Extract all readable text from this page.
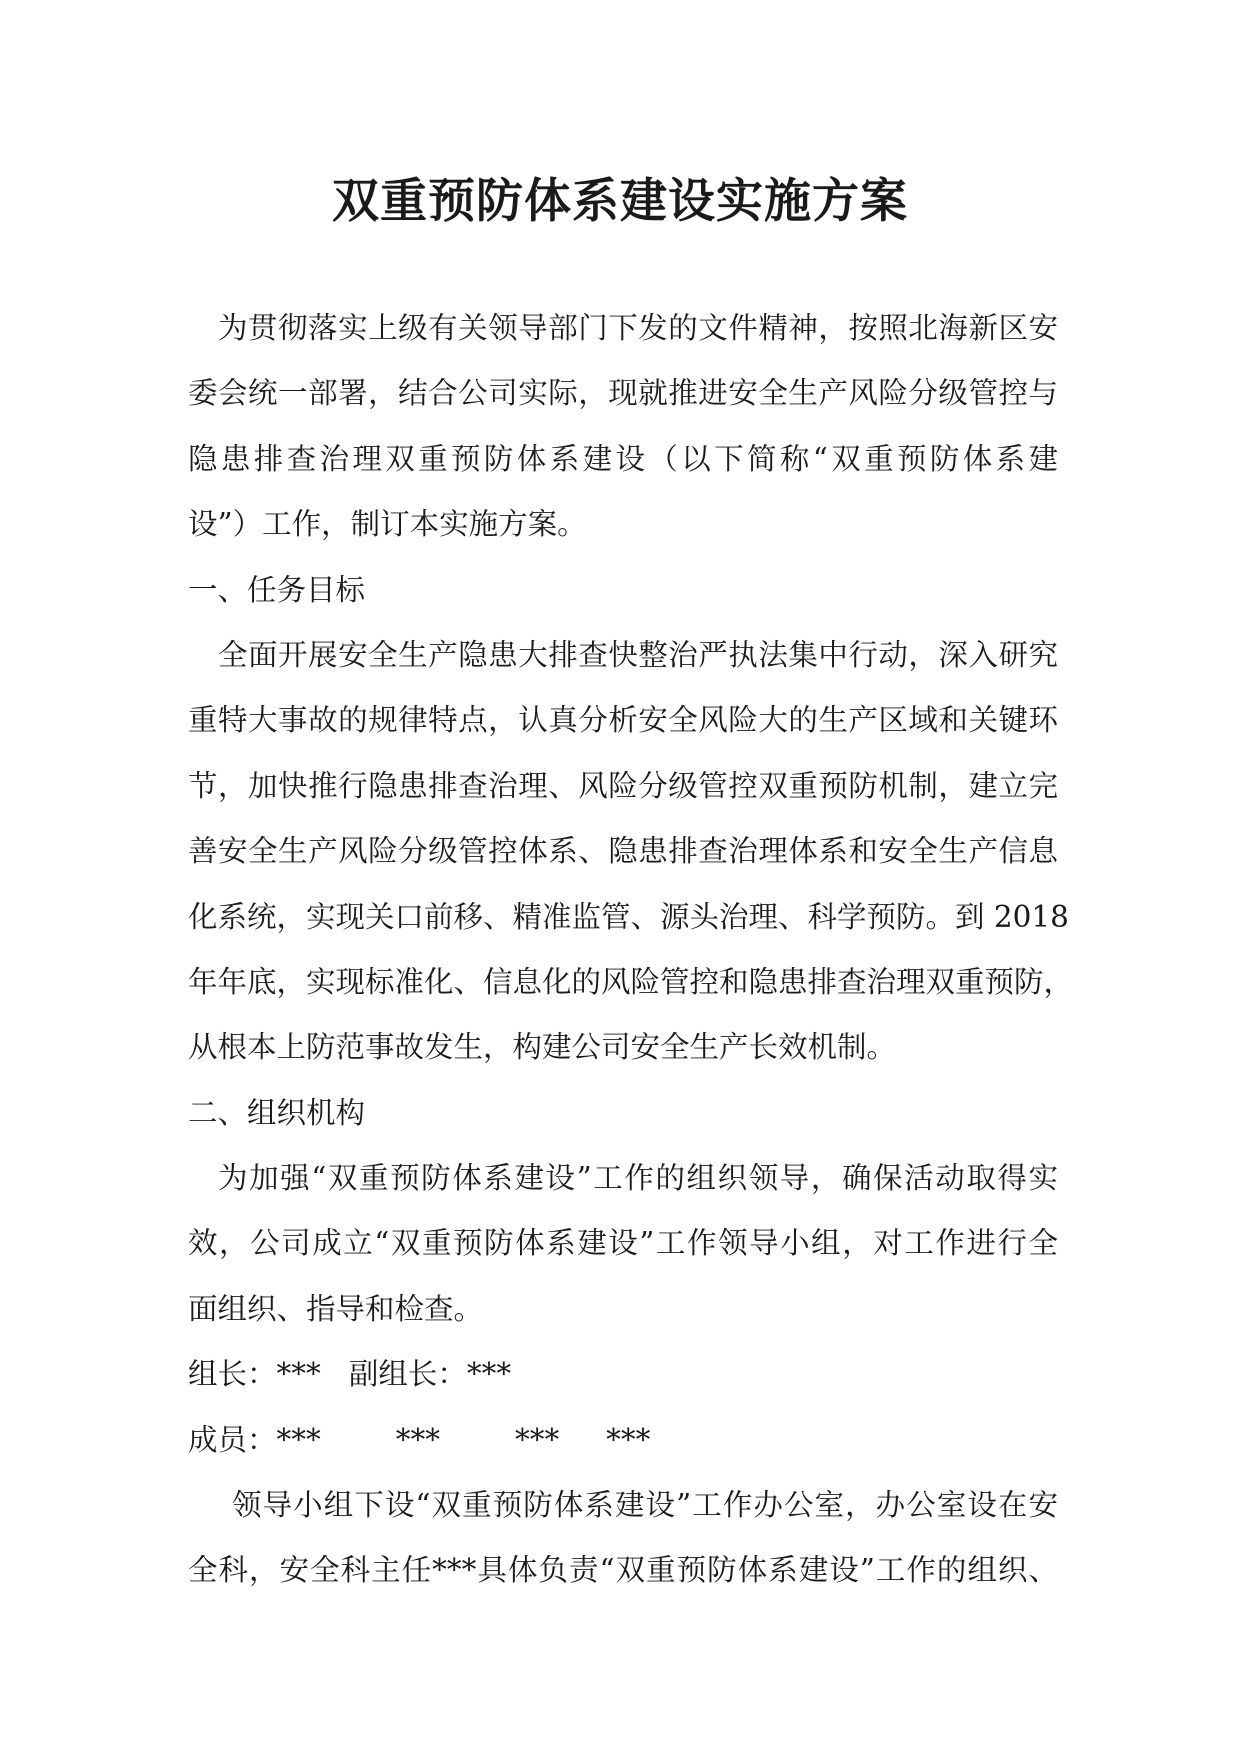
双重预防体系建设实施方案
为贯彻落实上级有关领导部门下发的文件精神，按照北海新区安
委会统一部署，结合公司实际，现就推进安全生产风险分级管控与
隐患排查治理双重预防体系建设（以下简称“双重预防体系建
设”）工作，制订本实施方案。
一、任务目标
全面开展安全生产隐患大排查快整治严执法集中行动，深入研究
重特大事故的规律特点，认真分析安全风险大的生产区域和关键环
节，加快推行隐患排查治理、风险分级管控双重预防机制，建立完
善安全生产风险分级管控体系、隐患排查治理体系和安全生产信息
化系统，实现关口前移、精准监管、源头治理、科学预防。到 2018
年年底，实现标准化、信息化的风险管控和隐患排查治理双重预防，
从根本上防范事故发生，构建公司安全生产长效机制。
二、组织机构
为加强“双重预防体系建设”工作的组织领导，确保活动取得实
效，公司成立“双重预防体系建设”工作领导小组，对工作进行全
面组织、指导和检查。
组长：***   副组长：***
成员：***        ***        ***     ***
领导小组下设“双重预防体系建设”工作办公室，办公室设在安
全科，安全科主任***具体负责“双重预防体系建设”工作的组织、
